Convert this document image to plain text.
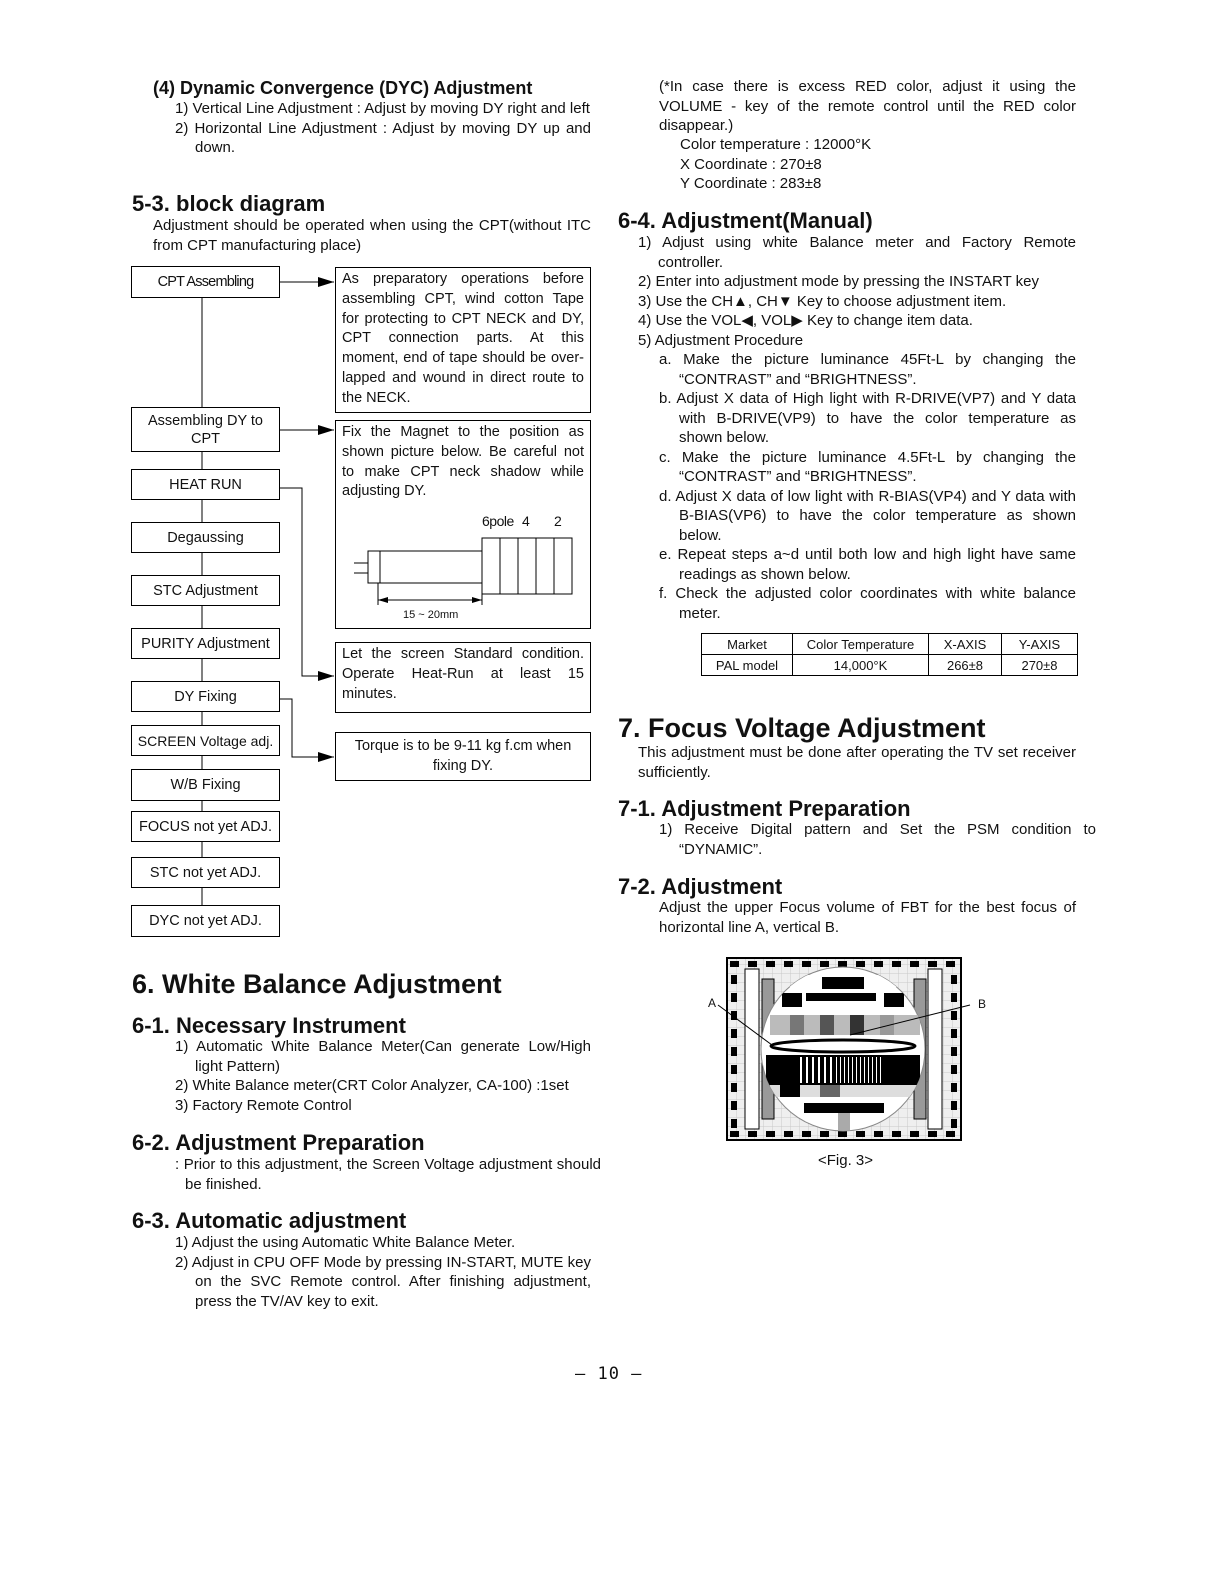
(4) Dynamic Convergence (DYC) Adjustment

1) Vertical Line Adjustment : Adjust by moving DY right and left

2) Horizontal Line Adjustment : Adjust by moving DY up and down.

5-3. block diagram

Adjustment should be operated when using the CPT(without ITC from CPT manufacturing place)

CPT Assembling
Assembling DY to CPT
HEAT RUN
Degaussing
STC Adjustment
PURITY Adjustment
DY Fixing
SCREEN Voltage adj.
W/B Fixing
FOCUS not yet ADJ.
STC not yet ADJ.
DYC not yet ADJ.
As preparatory operations before assembling CPT, wind cotton Tape for protecting to CPT NECK and DY, CPT connection parts. At this moment, end of tape should be over-lapped and wound in direct route to the NECK.
Fix the Magnet to the position as shown picture below. Be careful not to make CPT neck shadow while adjusting DY.
6pole 4 2
15 ~ 20mm
Let the screen Standard condition. Operate Heat-Run at least 15 minutes.
Torque is to be 9-11 kg f.cm when fixing DY.

6. White Balance Adjustment

6-1. Necessary Instrument

1) Automatic White Balance Meter(Can generate Low/High light Pattern)

2) White Balance meter(CRT Color Analyzer, CA-100) :1set

3) Factory Remote Control

6-2. Adjustment Preparation

: Prior to this adjustment, the Screen Voltage adjustment should be finished.

6-3. Automatic adjustment

1) Adjust the using Automatic White Balance Meter.

2) Adjust in CPU OFF Mode by pressing IN-START, MUTE key on the SVC Remote control. After finishing adjustment, press the TV/AV key to exit.

(*In case there is excess RED color, adjust it using the VOLUME - key of the remote control until the RED color disappear.)

Color temperature : 12000°K

X Coordinate : 270±8

Y Coordinate : 283±8

6-4. Adjustment(Manual)

1) Adjust using white Balance meter and Factory Remote controller.

2) Enter into adjustment mode by pressing the INSTART key

3) Use the CH▲, CH▼ Key to choose adjustment item.

4) Use the VOL◀, VOL▶ Key to change item data.

5) Adjustment Procedure

a. Make the picture luminance 45Ft-L by changing the “CONTRAST” and “BRIGHTNESS”.

b. Adjust X data of High light with R-DRIVE(VP7) and Y data with B-DRIVE(VP9) to have the color temperature as shown below.

c. Make the picture luminance 4.5Ft-L by changing the “CONTRAST” and “BRIGHTNESS”.

d. Adjust X data of low light with R-BIAS(VP4) and Y data with B-BIAS(VP6) to have the color temperature as shown below.

e. Repeat steps a~d until both low and high light have same readings as shown below.

f. Check the adjusted color coordinates with white balance meter.

Market	Color Temperature	X-AXIS	Y-AXIS
PAL model	14,000°K	266±8	270±8

7. Focus Voltage Adjustment

This adjustment must be done after operating the TV set receiver sufficiently.

7-1. Adjustment Preparation

1) Receive Digital pattern and Set the PSM condition to “DYNAMIC”.

7-2. Adjustment

Adjust the upper Focus volume of FBT for the best focus of horizontal line A, vertical B.

A	B
<Fig. 3>
– 10 –
